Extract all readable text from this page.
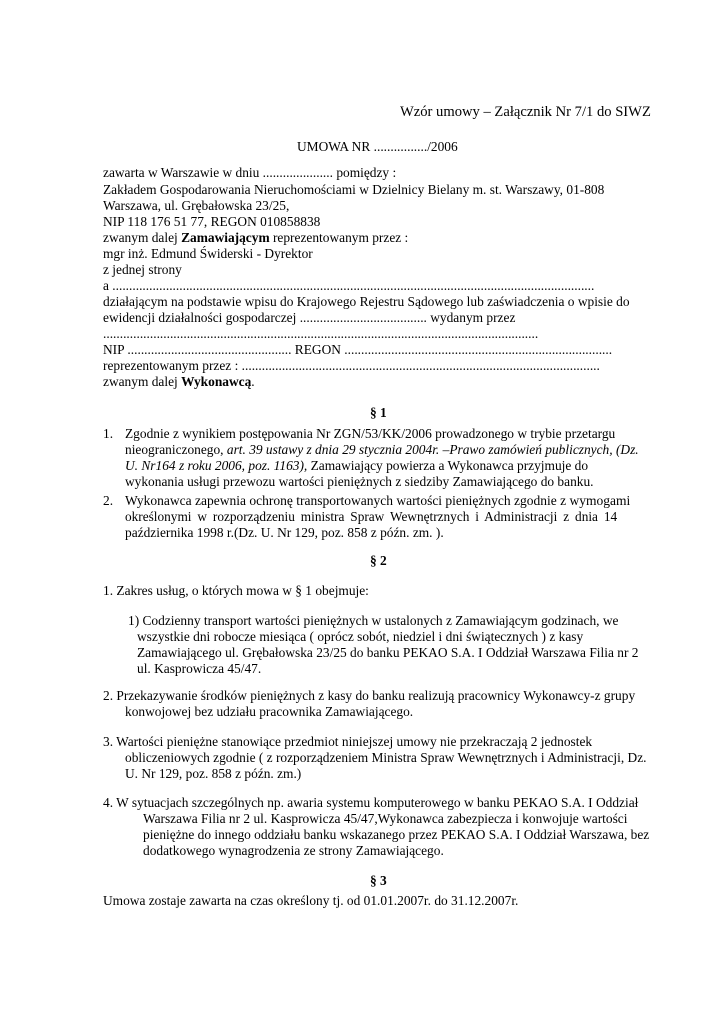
Wzór umowy – Załącznik Nr 7/1 do SIWZ
UMOWA NR ................/2006
zawarta w Warszawie w dniu ..................... pomiędzy :
Zakładem Gospodarowania Nieruchomościami w Dzielnicy Bielany m. st. Warszawy, 01-808
Warszawa, ul. Grębałowska 23/25,
NIP 118 176 51 77, REGON 010858838
zwanym dalej Zamawiającym reprezentowanym przez :
mgr inż. Edmund Świderski - Dyrektor
z jednej strony
a ................................................................................................................................................
działającym na podstawie wpisu do Krajowego Rejestru Sądowego lub zaświadczenia o wpisie do
ewidencji działalności gospodarczej ...................................... wydanym przez
..................................................................................................................................
NIP ................................................. REGON ................................................................................
reprezentowanym przez : ...........................................................................................................
zwanym dalej Wykonawcą.
§ 1
1. Zgodnie z wynikiem postępowania Nr ZGN/53/KK/2006 prowadzonego w trybie przetargu
nieograniczonego, art. 39 ustawy z dnia 29 stycznia 2004r. –Prawo zamówień publicznych, (Dz.
U. Nr164 z roku 2006, poz. 1163), Zamawiający powierza a Wykonawca przyjmuje do
wykonania usługi przewozu wartości pieniężnych z siedziby Zamawiającego do banku.
2. Wykonawca zapewnia ochronę transportowanych wartości pieniężnych zgodnie z wymogami
określonymi w rozporządzeniu ministra Spraw Wewnętrznych i Administracji z dnia 14
października 1998 r.(Dz. U. Nr 129, poz. 858 z późn. zm. ).
§ 2
1. Zakres usług, o których mowa w § 1 obejmuje:
1) Codzienny transport wartości pieniężnych w ustalonych z Zamawiającym godzinach, we
wszystkie dni robocze miesiąca ( oprócz sobót, niedziel i dni świątecznych ) z kasy
Zamawiającego ul. Grębałowska 23/25 do banku PEKAO S.A. I Oddział Warszawa Filia nr 2
ul. Kasprowicza 45/47.
2. Przekazywanie środków pieniężnych z kasy do banku realizują pracownicy Wykonawcy-z grupy
konwojowej bez udziału pracownika Zamawiającego.
3. Wartości pieniężne stanowiące przedmiot niniejszej umowy nie przekraczają 2 jednostek
obliczeniowych zgodnie ( z rozporządzeniem Ministra Spraw Wewnętrznych i Administracji, Dz.
U. Nr 129, poz. 858 z późn. zm.)
4. W sytuacjach szczególnych np. awaria systemu komputerowego w banku PEKAO S.A. I Oddział
Warszawa Filia nr 2 ul. Kasprowicza 45/47,Wykonawca zabezpiecza i konwojuje wartości
pieniężne do innego oddziału banku wskazanego przez PEKAO S.A. I Oddział Warszawa, bez
dodatkowego wynagrodzenia ze strony Zamawiającego.
§ 3
Umowa zostaje zawarta na czas określony tj. od 01.01.2007r. do 31.12.2007r.
